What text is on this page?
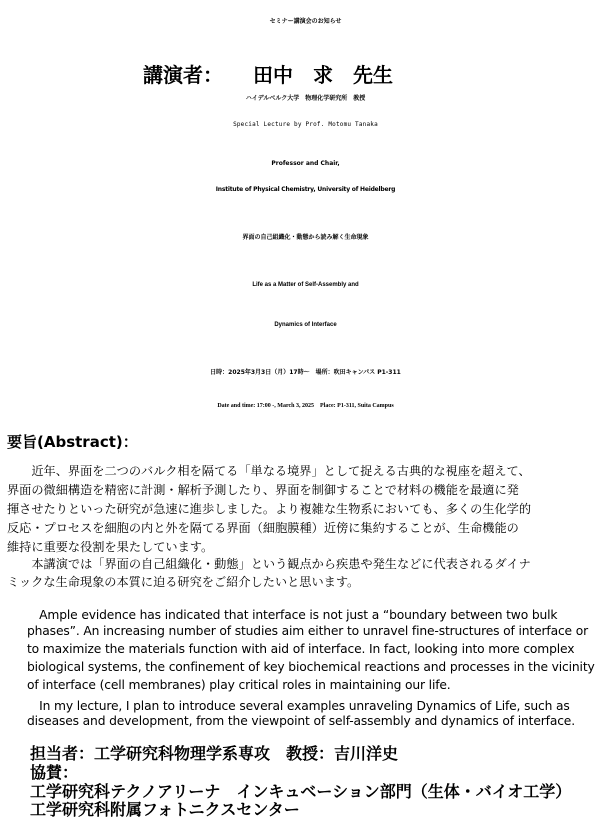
セミナー講演会のお知らせ
講演者： 田中　求　先生
ハイデルベルク大学　物理化学研究所　教授
Special Lecture by Prof. Motomu Tanaka
Professor and Chair,
Institute of Physical Chemistry, University of Heidelberg
界面の自己組織化・動態から読み解く生命現象
Life as a Matter of Self-Assembly and
Dynamics of Interface
日時：2025年3月3日（月）17時～　場所：吹田キャンパス P1-311
Date and time: 17:00 -, March 3, 2025　Place: P1-311, Suita Campus
要旨(Abstract)：
　　近年、界面を二つのバルク相を隔てる「単なる境界」として捉える古典的な視座を超えて、
界面の微細構造を精密に計測・解析予測したり、界面を制御することで材料の機能を最適に発
揮させたりといった研究が急速に進歩しました。より複雑な生物系においても、多くの生化学的
反応・プロセスを細胞の内と外を隔てる界面（細胞膜種）近傍に集約することが、生命機能の
維持に重要な役割を果たしています。
　　本講演では「界面の自己組織化・動態」という観点から疾患や発生などに代表されるダイナ
ミックな生命現象の本質に迫る研究をご紹介したいと思います。
　Ample evidence has indicated that interface is not just a “boundary between two bulk
phases”. An increasing number of studies aim either to unravel fine-structures of interface or
to maximize the materials function with aid of interface. In fact, looking into more complex
biological systems, the confinement of key biochemical reactions and processes in the vicinity
of interface (cell membranes) play critical roles in maintaining our life.
　In my lecture, I plan to introduce several examples unraveling Dynamics of Life, such as
diseases and development, from the viewpoint of self-assembly and dynamics of interface.
担当者：工学研究科物理学系専攻　教授：吉川洋史
協賛：
工学研究科テクノアリーナ　インキュベーション部門（生体・バイオ工学）
工学研究科附属フォトニクスセンター
